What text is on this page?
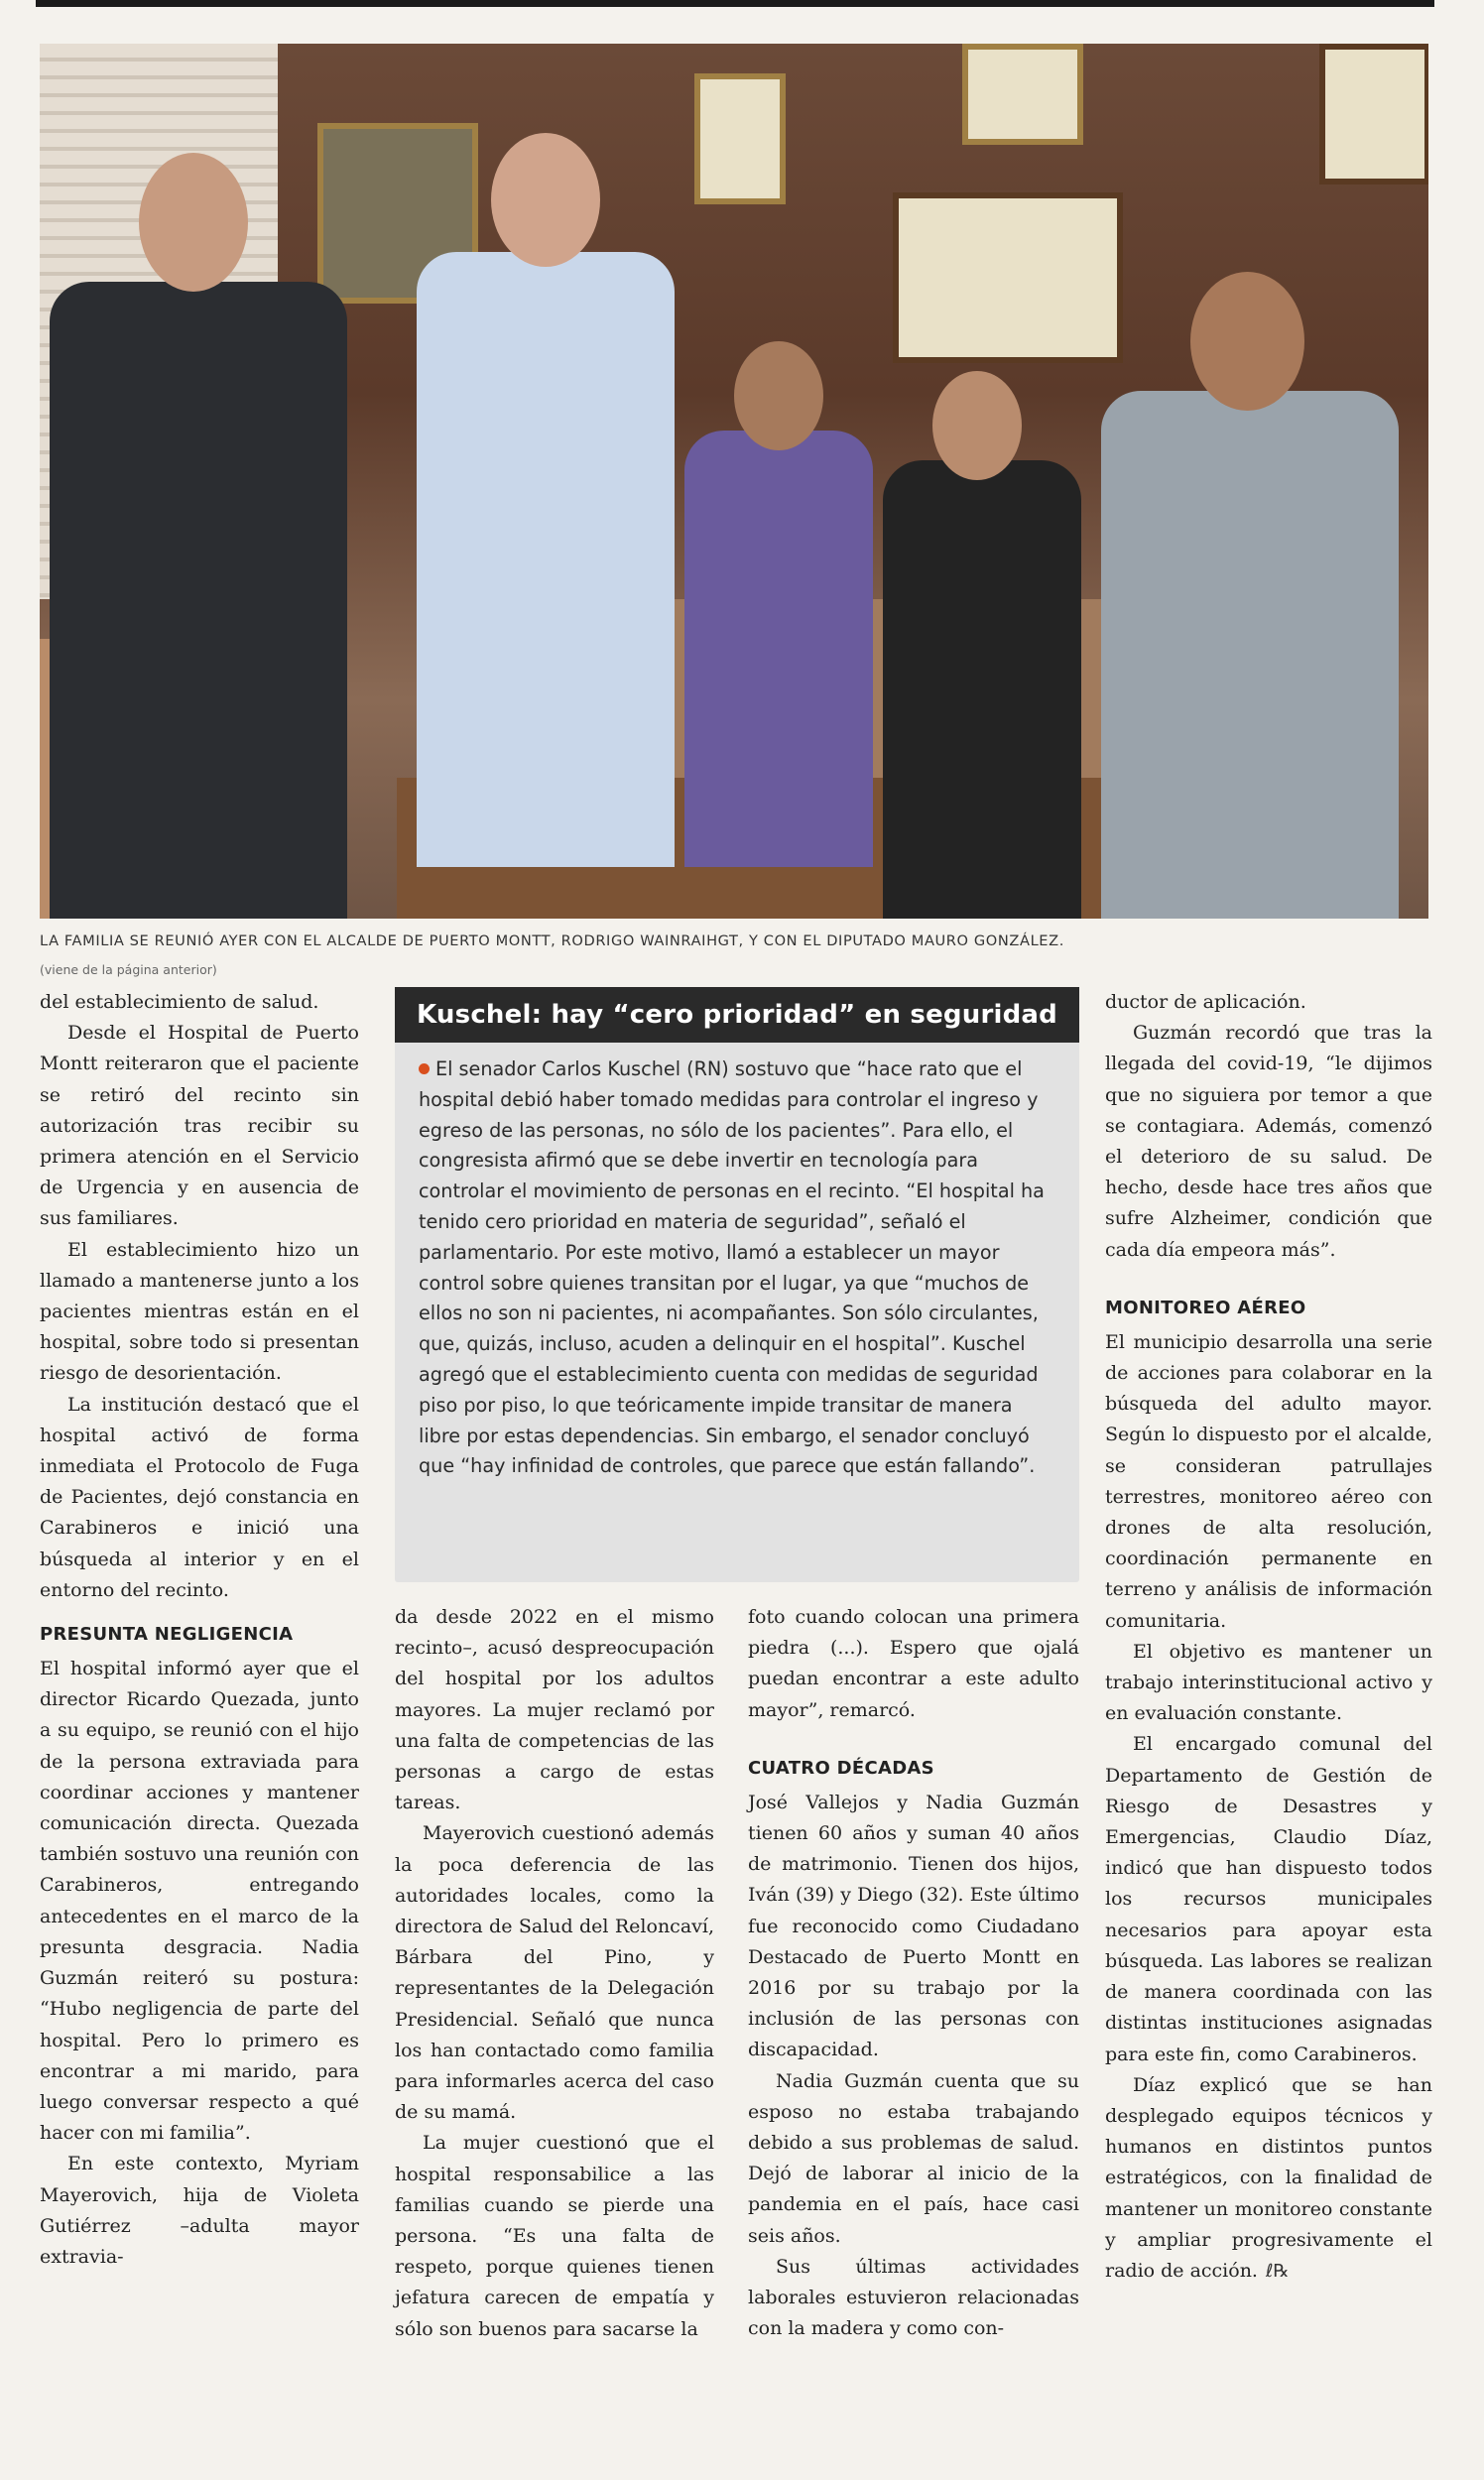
LA FAMILIA SE REUNIÓ AYER CON EL ALCALDE DE PUERTO MONTT, RODRIGO WAINRAIHGT, Y CON EL DIPUTADO MAURO GONZÁLEZ.
(viene de la página anterior)

del establecimiento de salud.

Desde el Hospital de Puerto Montt reiteraron que el paciente se retiró del recinto sin autorización tras recibir su primera atención en el Servicio de Urgencia y en ausencia de sus familiares.

El establecimiento hizo un llamado a mantenerse junto a los pacientes mientras están en el hospital, sobre todo si presentan riesgo de desorientación.

La institución destacó que el hospital activó de forma inmediata el Protocolo de Fuga de Pacientes, dejó constancia en Carabineros e inició una búsqueda al interior y en el entorno del recinto.

PRESUNTA NEGLIGENCIA

El hospital informó ayer que el director Ricardo Quezada, junto a su equipo, se reunió con el hijo de la persona extraviada para coordinar acciones y mantener comunicación directa. Quezada también sostuvo una reunión con Carabineros, entregando antecedentes en el marco de la presunta desgracia. Nadia Guzmán reiteró su postura: “Hubo negligencia de parte del hospital. Pero lo primero es encontrar a mi marido, para luego conversar respecto a qué hacer con mi familia”.

En este contexto, Myriam Mayerovich, hija de Violeta Gutiérrez –adulta mayor extravia-

Kuschel: hay “cero prioridad” en seguridad
El senador Carlos Kuschel (RN) sostuvo que “hace rato que el hospital debió haber tomado medidas para controlar el ingreso y egreso de las personas, no sólo de los pacientes”. Para ello, el congresista afirmó que se debe invertir en tecnología para controlar el movimiento de personas en el recinto. “El hospital ha tenido cero prioridad en materia de seguridad”, señaló el parlamentario. Por este motivo, llamó a establecer un mayor control sobre quienes transitan por el lugar, ya que “muchos de ellos no son ni pacientes, ni acompañantes. Son sólo circulantes, que, quizás, incluso, acuden a delinquir en el hospital”. Kuschel agregó que el establecimiento cuenta con medidas de seguridad piso por piso, lo que teóricamente impide transitar de manera libre por estas dependencias. Sin embargo, el senador concluyó que “hay infinidad de controles, que parece que están fallando”.

da desde 2022 en el mismo recinto–, acusó despreocupación del hospital por los adultos mayores. La mujer reclamó por una falta de competencias de las personas a cargo de estas tareas.

Mayerovich cuestionó además la poca deferencia de las autoridades locales, como la directora de Salud del Reloncaví, Bárbara del Pino, y representantes de la Delegación Presidencial. Señaló que nunca los han contactado como familia para informarles acerca del caso de su mamá.

La mujer cuestionó que el hospital responsabilice a las familias cuando se pierde una persona. “Es una falta de respeto, porque quienes tienen jefatura carecen de empatía y sólo son buenos para sacarse la

foto cuando colocan una primera piedra (...). Espero que ojalá puedan encontrar a este adulto mayor”, remarcó.

CUATRO DÉCADAS

José Vallejos y Nadia Guzmán tienen 60 años y suman 40 años de matrimonio. Tienen dos hijos, Iván (39) y Diego (32). Este último fue reconocido como Ciudadano Destacado de Puerto Montt en 2016 por su trabajo por la inclusión de las personas con discapacidad.

Nadia Guzmán cuenta que su esposo no estaba trabajando debido a sus problemas de salud. Dejó de laborar al inicio de la pandemia en el país, hace casi seis años.

Sus últimas actividades laborales estuvieron relacionadas con la madera y como con-

ductor de aplicación.

Guzmán recordó que tras la llegada del covid-19, “le dijimos que no siguiera por temor a que se contagiara. Además, comenzó el deterioro de su salud. De hecho, desde hace tres años que sufre Alzheimer, condición que cada día empeora más”.

MONITOREO AÉREO

El municipio desarrolla una serie de acciones para colaborar en la búsqueda del adulto mayor. Según lo dispuesto por el alcalde, se consideran patrullajes terrestres, monitoreo aéreo con drones de alta resolución, coordinación permanente en terreno y análisis de información comunitaria.

El objetivo es mantener un trabajo interinstitucional activo y en evaluación constante.

El encargado comunal del Departamento de Gestión de Riesgo de Desastres y Emergencias, Claudio Díaz, indicó que han dispuesto todos los recursos municipales necesarios para apoyar esta búsqueda. Las labores se realizan de manera coordinada con las distintas instituciones asignadas para este fin, como Carabineros.

Díaz explicó que se han desplegado equipos técnicos y humanos en distintos puntos estratégicos, con la finalidad de mantener un monitoreo constante y ampliar progresivamente el radio de acción. ℓ℞
